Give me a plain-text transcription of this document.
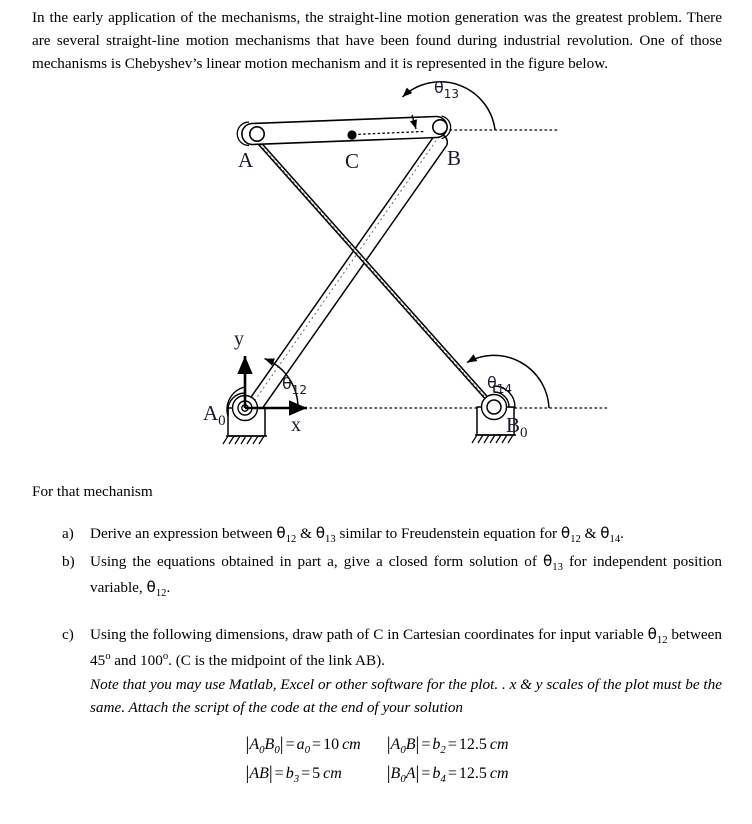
In the early application of the mechanisms, the straight-line motion generation was the greatest problem. There are several straight-line motion mechanisms that have been found during industrial revolution. One of those mechanisms is Chebyshev’s linear motion mechanism and it is represented in the figure below.

A	B
C
$A_0$	$B_0$
y
x
$\theta_{12}$
$\theta_{13}$
$\theta_{14}$

For that mechanism

a)	Derive an expression between $\theta_{12}$ & $\theta_{13}$ similar to Freudenstein equation for $\theta_{12}$ & $\theta_{14}$.
b)	Using the equations obtained in part a, give a closed form solution of $\theta_{13}$ for independent position variable, $\theta_{12}$.
c)	Using the following dimensions, draw path of C in Cartesian coordinates for input variable $\theta_{12}$ between 45$^o$ and 100$^o$. (C is the midpoint of the link AB).
Note that you may use Matlab, Excel or other software for the plot. . x & y scales of the plot must be the same. Attach the script of the code at the end of your solution
$|A_0B_0| = a_0 = 10$ cm $|A_0B| = b_2 = 12.5$ cm
$|AB| = b_3 = 5$ cm	$|B_0A| = b_4 = 12.5$ cm
